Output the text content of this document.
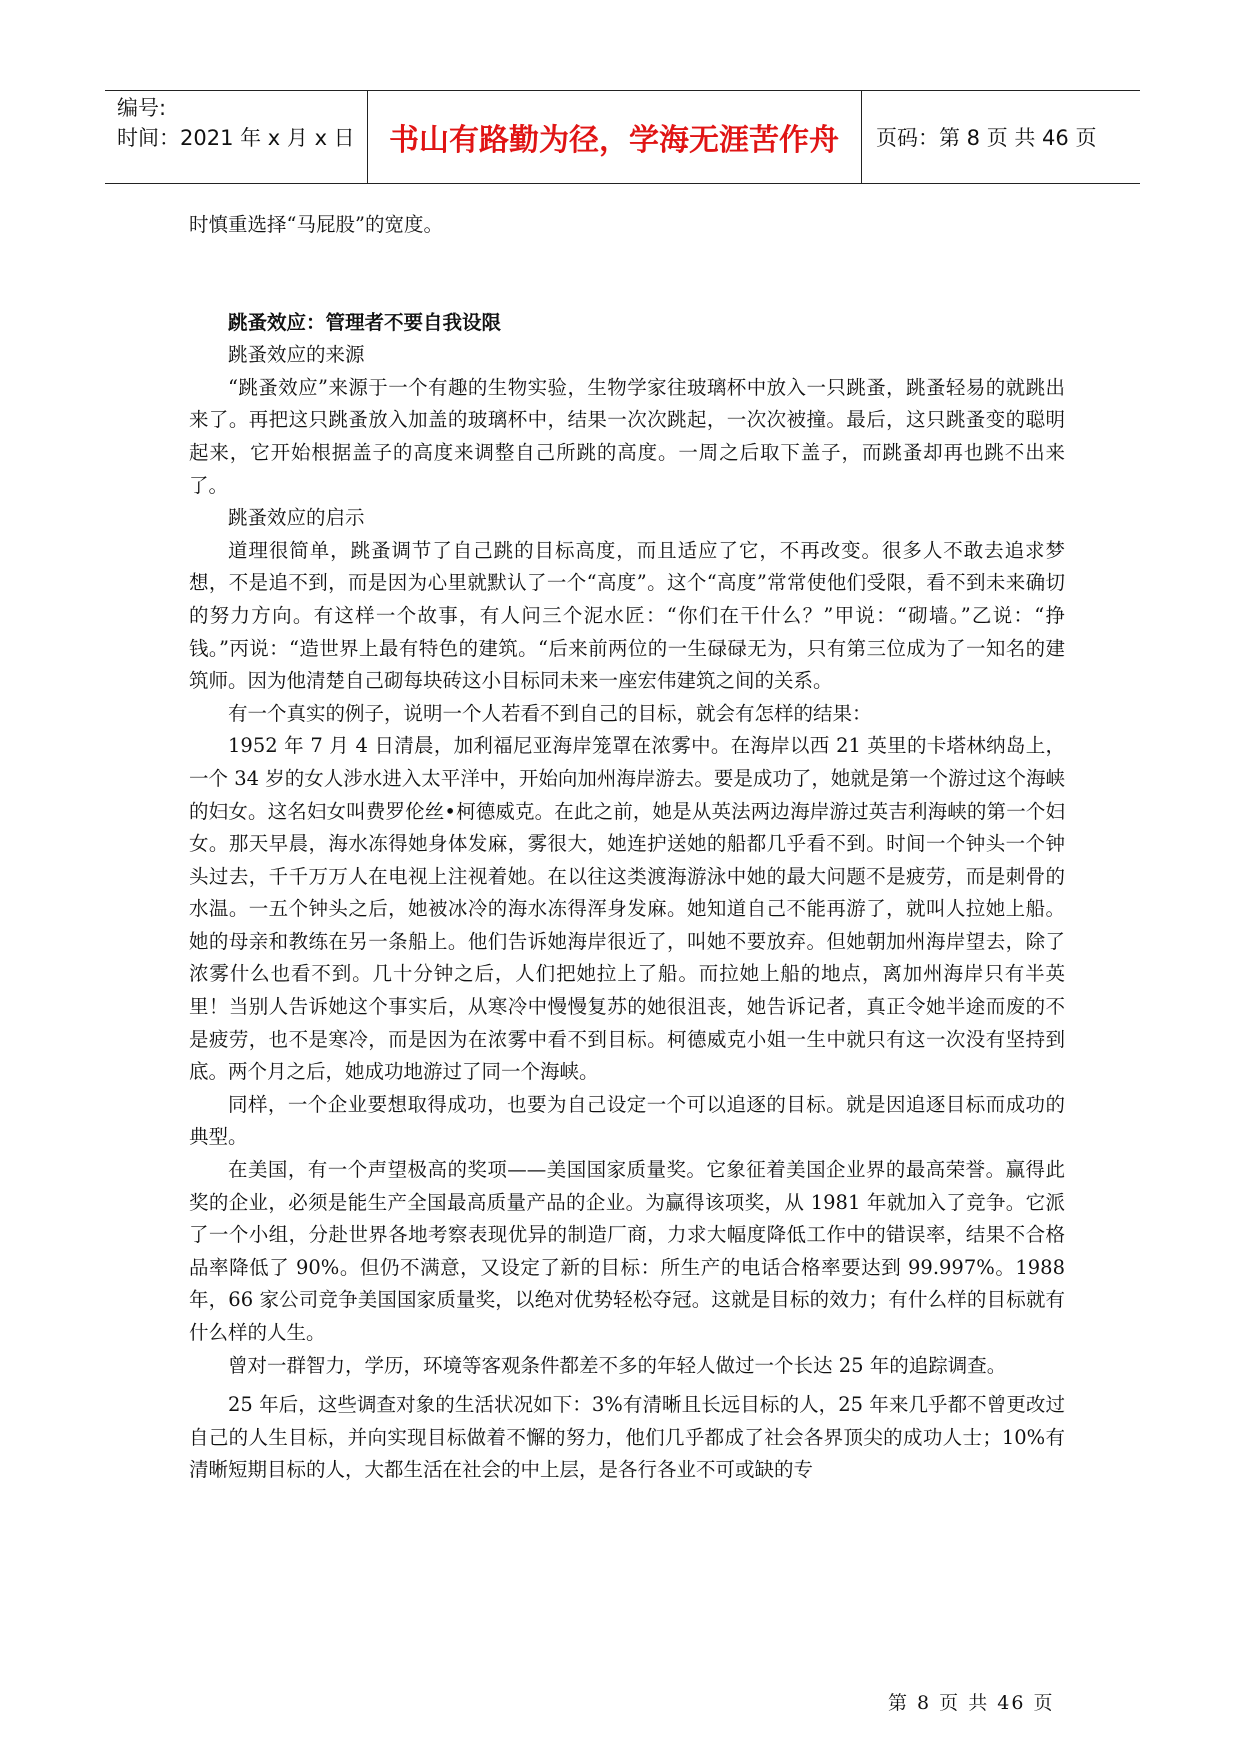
编号:
时间：2021 年 x 月 x 日	书山有路勤为径，学海无涯苦作舟	页码：第 8 页 共 46 页

时慎重选择“马屁股”的宽度。

跳蚤效应：管理者不要自我设限

跳蚤效应的来源

“跳蚤效应”来源于一个有趣的生物实验，生物学家往玻璃杯中放入一只跳蚤，跳蚤轻易的就跳出来了。再把这只跳蚤放入加盖的玻璃杯中，结果一次次跳起，一次次被撞。最后，这只跳蚤变的聪明起来，它开始根据盖子的高度来调整自己所跳的高度。一周之后取下盖子，而跳蚤却再也跳不出来了。

跳蚤效应的启示

道理很简单，跳蚤调节了自己跳的目标高度，而且适应了它，不再改变。很多人不敢去追求梦想，不是追不到，而是因为心里就默认了一个“高度”。这个“高度”常常使他们受限，看不到未来确切的努力方向。有这样一个故事，有人问三个泥水匠：“你们在干什么？”甲说：“砌墙。”乙说：“挣钱。”丙说：“造世界上最有特色的建筑。“后来前两位的一生碌碌无为，只有第三位成为了一知名的建筑师。因为他清楚自己砌每块砖这小目标同未来一座宏伟建筑之间的关系。

有一个真实的例子，说明一个人若看不到自己的目标，就会有怎样的结果：

1952 年 7 月 4 日清晨，加利福尼亚海岸笼罩在浓雾中。在海岸以西 21 英里的卡塔林纳岛上，一个 34 岁的女人涉水进入太平洋中，开始向加州海岸游去。要是成功了，她就是第一个游过这个海峡的妇女。这名妇女叫费罗伦丝•柯德威克。在此之前，她是从英法两边海岸游过英吉利海峡的第一个妇女。那天早晨，海水冻得她身体发麻，雾很大，她连护送她的船都几乎看不到。时间一个钟头一个钟头过去，千千万万人在电视上注视着她。在以往这类渡海游泳中她的最大问题不是疲劳，而是刺骨的水温。一五个钟头之后，她被冰冷的海水冻得浑身发麻。她知道自己不能再游了，就叫人拉她上船。她的母亲和教练在另一条船上。他们告诉她海岸很近了，叫她不要放弃。但她朝加州海岸望去，除了浓雾什么也看不到。几十分钟之后，人们把她拉上了船。而拉她上船的地点，离加州海岸只有半英里！当别人告诉她这个事实后，从寒冷中慢慢复苏的她很沮丧，她告诉记者，真正令她半途而废的不是疲劳，也不是寒冷，而是因为在浓雾中看不到目标。柯德威克小姐一生中就只有这一次没有坚持到底。两个月之后，她成功地游过了同一个海峡。

同样，一个企业要想取得成功，也要为自己设定一个可以追逐的目标。就是因追逐目标而成功的典型。

在美国，有一个声望极高的奖项——美国国家质量奖。它象征着美国企业界的最高荣誉。赢得此奖的企业，必须是能生产全国最高质量产品的企业。为赢得该项奖，从 1981 年就加入了竞争。它派了一个小组，分赴世界各地考察表现优异的制造厂商，力求大幅度降低工作中的错误率，结果不合格品率降低了 90%。但仍不满意，又设定了新的目标：所生产的电话合格率要达到 99.997%。1988 年，66 家公司竞争美国国家质量奖，以绝对优势轻松夺冠。这就是目标的效力；有什么样的目标就有什么样的人生。

曾对一群智力，学历，环境等客观条件都差不多的年轻人做过一个长达 25 年的追踪调查。

25 年后，这些调查对象的生活状况如下：3%有清晰且长远目标的人，25 年来几乎都不曾更改过自己的人生目标，并向实现目标做着不懈的努力，他们几乎都成了社会各界顶尖的成功人士；10%有清晰短期目标的人，大都生活在社会的中上层，是各行各业不可或缺的专

第 8 页 共 46 页
